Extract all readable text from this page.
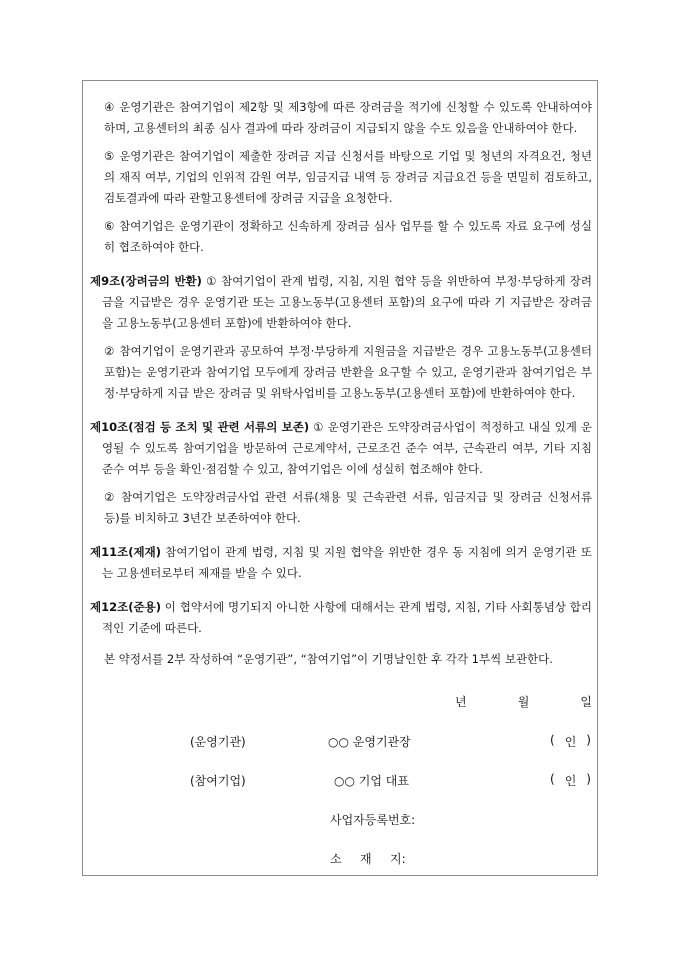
④ 운영기관은 참여기업이 제2항 및 제3항에 따른 장려금을 적기에 신청할 수 있도록 안내하여야 하며, 고용센터의 최종 심사 결과에 따라 장려금이 지급되지 않을 수도 있음을 안내하여야 한다.

⑤ 운영기관은 참여기업이 제출한 장려금 지급 신청서를 바탕으로 기업 및 청년의 자격요건, 청년의 재직 여부, 기업의 인위적 감원 여부, 임금지급 내역 등 장려금 지급요건 등을 면밀히 검토하고, 검토결과에 따라 관할고용센터에 장려금 지급을 요청한다.

⑥ 참여기업은 운영기관이 정확하고 신속하게 장려금 심사 업무를 할 수 있도록 자료 요구에 성실히 협조하여야 한다.

제9조(장려금의 반환) ① 참여기업이 관계 법령, 지침, 지원 협약 등을 위반하여 부정·부당하게 장려금을 지급받은 경우 운영기관 또는 고용노동부(고용센터 포함)의 요구에 따라 기 지급받은 장려금을 고용노동부(고용센터 포함)에 반환하여야 한다.

② 참여기업이 운영기관과 공모하여 부정·부당하게 지원금을 지급받은 경우 고용노동부(고용센터 포함)는 운영기관과 참여기업 모두에게 장려금 반환을 요구할 수 있고, 운영기관과 참여기업은 부정·부당하게 지급 받은 장려금 및 위탁사업비를 고용노동부(고용센터 포함)에 반환하여야 한다.

제10조(점검 등 조치 및 관련 서류의 보존) ① 운영기관은 도약장려금사업이 적정하고 내실 있게 운영될 수 있도록 참여기업을 방문하여 근로계약서, 근로조건 준수 여부, 근속관리 여부, 기타 지침 준수 여부 등을 확인·점검할 수 있고, 참여기업은 이에 성실히 협조해야 한다.

② 참여기업은 도약장려금사업 관련 서류(채용 및 근속관련 서류, 임금지급 및 장려금 신청서류 등)를 비치하고 3년간 보존하여야 한다.

제11조(제재) 참여기업이 관계 법령, 지침 및 지원 협약을 위반한 경우 동 지침에 의거 운영기관 또는 고용센터로부터 제재를 받을 수 있다.

제12조(준용) 이 협약서에 명기되지 아니한 사항에 대해서는 관계 법령, 지침, 기타 사회통념상 합리적인 기준에 따른다.

본 약정서를 2부 작성하여 “운영기관”, “참여기업”이 기명날인한 후 각각 1부씩 보관한다.

년	월	일
(운영기관)	○○ 운영기관장	( 인 )
(참여기업)	○○ 기업 대표	( 인 )
사업자등록번호:
소	재	지:
